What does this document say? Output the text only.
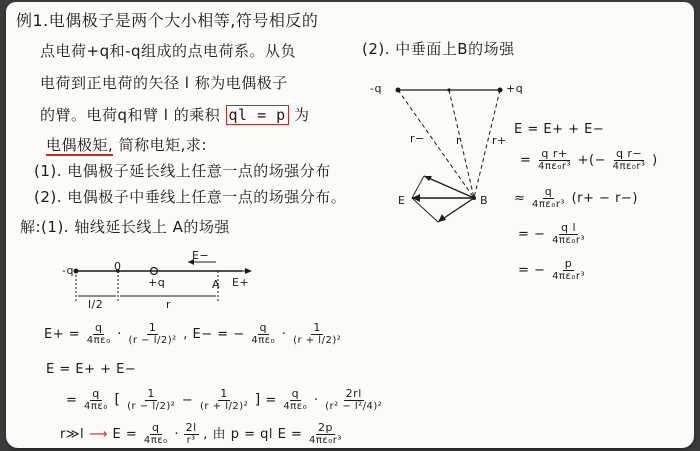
例1.电偶极子是两个大小相等,符号相反的
点电荷+q和-q组成的点电荷系。从负
电荷到正电荷的矢径 l 称为电偶极子
的臂。电荷q和臂 l 的乘积 ql = p 为
电偶极矩, 简称电矩,求:
(1). 电偶极子延长线上任意一点的场强分布
(2). 电偶极子中垂线上任意一点的场强分布。
解:(1). 轴线延长线上 A的场强
-q	0
+q	A
E−
E+
l/2	r
$E+ = \frac{q}{\text{4πε₀}} \cdot \frac{1}{\text{(r − l/2)²}}$ , E− = − $\frac{q}{\text{4πε₀}} \cdot \frac{1}{\text{(r + l/2)²}}$
E = E+ + E−
= $\frac{q}{\text{4πε₀}}$ [ $\frac{1}{\text{(r − l/2)²}} - \frac{1}{\text{(r + l/2)²}}$ ] = $\frac{q}{\text{4πε₀}} \cdot \frac{2rl}{\text{(r² − l²/4)²}}$
r≫l ⟶ $E = \frac{q}{\text{4πε₀}} \cdot \frac{2l}{\text{r³}}$ , 由 p = ql $E = \frac{2p}{\text{4πε₀r³}}$
(2). 中垂面上B的场强
-q	+q
r−	r	r+
E	B
E = E+ + E−
= $\frac{\text{q r+}}{\text{4πε₀r³}}$ +(− $\frac{\text{q r−}}{\text{4πε₀r³}}$ )
≈ $\frac{q}{\text{4πε₀r³}} (r+ - r-)$
= − $\frac{\text{q l}}{\text{4πε₀r³}}$
= − $\frac{p}{\text{4πε₀r³}}$
